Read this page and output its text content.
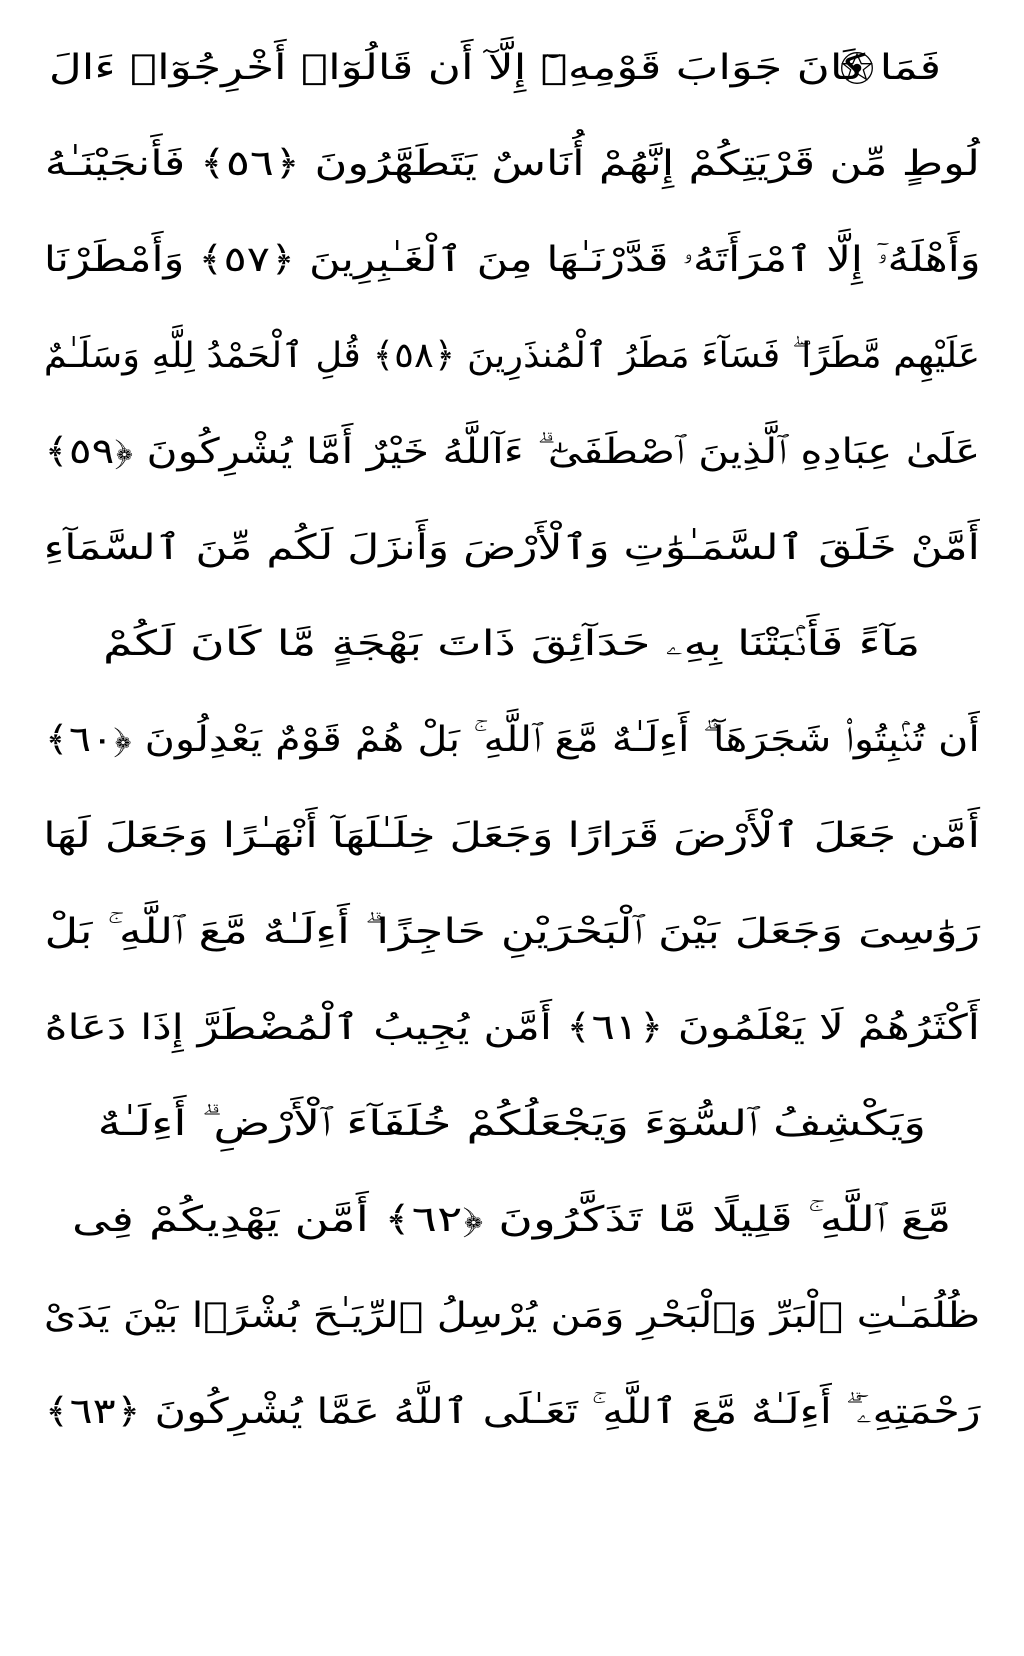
فَمَا كَانَ جَوَابَ قَوْمِهِۦٓ إِلَّآ أَن قَالُوٓا۟ أَخْرِجُوٓا۟ ءَالَ
لُوطٍ مِّن قَرْيَتِكُمْ إِنَّهُمْ أُنَاسٌ يَتَطَهَّرُونَ ﴿٥٦﴾ فَأَنجَيْنَـٰهُ
وَأَهْلَهُۥٓ إِلَّا ٱمْرَأَتَهُۥ قَدَّرْنَـٰهَا مِنَ ٱلْغَـٰبِرِينَ ﴿٥٧﴾ وَأَمْطَرْنَا
عَلَيْهِم مَّطَرًا ۖ فَسَآءَ مَطَرُ ٱلْمُنذَرِينَ ﴿٥٨﴾ قُلِ ٱلْحَمْدُ لِلَّهِ وَسَلَـٰمٌ
عَلَىٰ عِبَادِهِ ٱلَّذِينَ ٱصْطَفَىٰٓ ۗ ءَآللَّهُ خَيْرٌ أَمَّا يُشْرِكُونَ ﴿٥٩﴾
أَمَّنْ خَلَقَ ٱلسَّمَـٰوَٰتِ وَٱلْأَرْضَ وَأَنزَلَ لَكُم مِّنَ ٱلسَّمَآءِ
مَآءً فَأَنۢبَتْنَا بِهِۦ حَدَآئِقَ ذَاتَ بَهْجَةٍ مَّا كَانَ لَكُمْ
أَن تُنۢبِتُوا۟ شَجَرَهَآ ۗ أَءِلَـٰهٌ مَّعَ ٱللَّهِ ۚ بَلْ هُمْ قَوْمٌ يَعْدِلُونَ ﴿٦٠﴾
أَمَّن جَعَلَ ٱلْأَرْضَ قَرَارًا وَجَعَلَ خِلَـٰلَهَآ أَنْهَـٰرًا وَجَعَلَ لَهَا
رَوَٰسِىَ وَجَعَلَ بَيْنَ ٱلْبَحْرَيْنِ حَاجِزًا ۗ أَءِلَـٰهٌ مَّعَ ٱللَّهِ ۚ بَلْ
أَكْثَرُهُمْ لَا يَعْلَمُونَ ﴿٦١﴾ أَمَّن يُجِيبُ ٱلْمُضْطَرَّ إِذَا دَعَاهُ
وَيَكْشِفُ ٱلسُّوٓءَ وَيَجْعَلُكُمْ خُلَفَآءَ ٱلْأَرْضِ ۗ أَءِلَـٰهٌ
مَّعَ ٱللَّهِ ۚ قَلِيلًا مَّا تَذَكَّرُونَ ﴿٦٢﴾ أَمَّن يَهْدِيكُمْ فِى
ظُلُمَـٰتِ ٱلْبَرِّ وَٱلْبَحْرِ وَمَن يُرْسِلُ ٱلرِّيَـٰحَ بُشْرًۢا بَيْنَ يَدَىْ
رَحْمَتِهِۦٓ ۗ أَءِلَـٰهٌ مَّعَ ٱللَّهِ ۚ تَعَـٰلَى ٱللَّهُ عَمَّا يُشْرِكُونَ ﴿٦٣﴾
